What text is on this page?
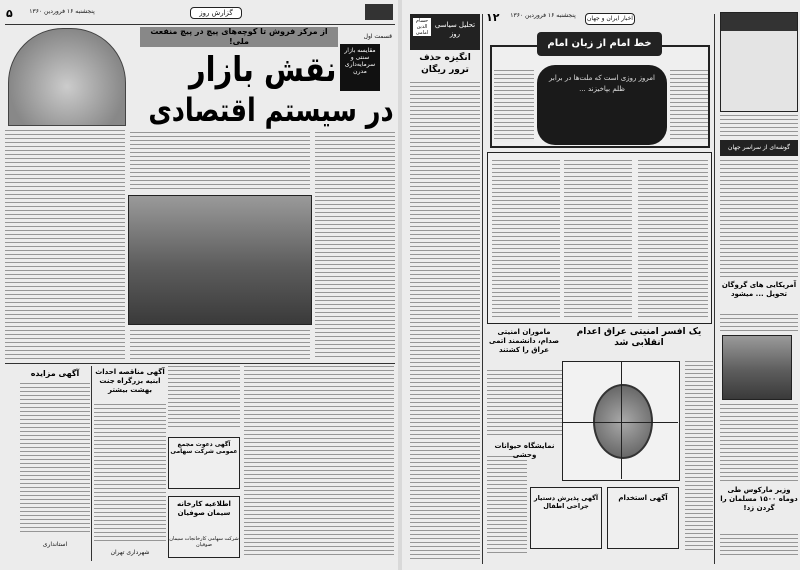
۵	پنجشنبه ۱۶ فروردین ۱۳۶۰	گزارش روز
از مرکز فروش تا کوچه‌های پیچ در پیچ منفعت ملی!
قسمت اول
مقایسه بازار سنتی و سرمایه‌داری مدرن
نقش بازار
در سیستم اقتصادی
آگهی مزایده
استانداری
آگهی مناقصه احداث ابنیه بزرگراه جنت بهشت بیشتر
شهرداری تهران
آگهی دعوت مجمع عمومی شرکت سهامی
اطلاعیه کارخانه سیمان صوفیان
شرکت سهامی کارخانجات سیمان صوفیان
تحلیل سیاسی روز
حسام الدین امامی
انگیزه حذف ترور ریگان
۱۲	پنجشنبه ۱۶ فروردین ۱۳۶۰	اخبار ایران و جهان
خط امام از زبان امام
امروز روزی است که ملت‌ها در برابر ظلم بپاخیزند ...
ماموران امنیتی صدام، دانشمند اتمی عراق را کشتند
نمایشگاه حیوانات وحشی
یک افسر امنیتی عراق اعدام انقلابی شد
آگهی پذیرش دستیار جراحی اطفال
آگهی استخدام
گوشه‌ای از سراسر جهان
آمریکایی های گروگان تحویل ... میشود
وزیر مارکوس طی دوماه ۱۵۰۰ مسلمان را گردن زد!
